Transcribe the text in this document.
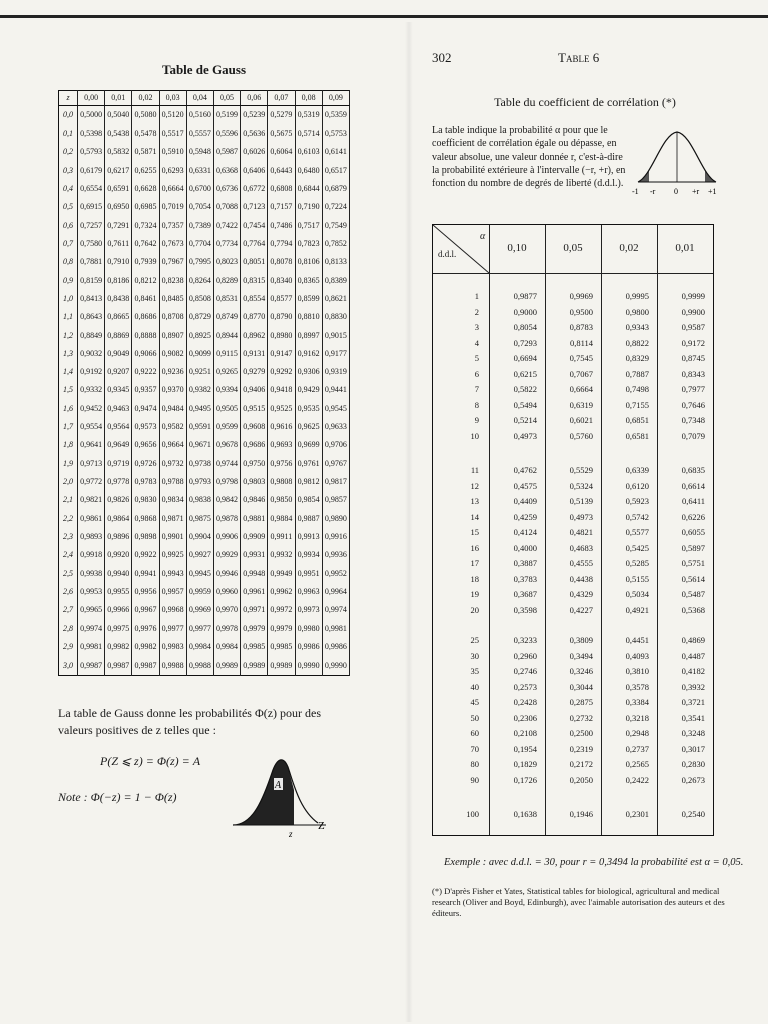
Table de Gauss
z	0,00	0,01	0,02	0,03	0,04	0,05	0,06	0,07	0,08	0,09
0,0	0,5000	0,5040	0,5080	0,5120	0,5160	0,5199	0,5239	0,5279	0,5319	0,5359
0,1	0,5398	0,5438	0,5478	0,5517	0,5557	0,5596	0,5636	0,5675	0,5714	0,5753
0,2	0,5793	0,5832	0,5871	0,5910	0,5948	0,5987	0,6026	0,6064	0,6103	0,6141
0,3	0,6179	0,6217	0,6255	0,6293	0,6331	0,6368	0,6406	0,6443	0,6480	0,6517
0,4	0,6554	0,6591	0,6628	0,6664	0,6700	0,6736	0,6772	0,6808	0,6844	0,6879
0,5	0,6915	0,6950	0,6985	0,7019	0,7054	0,7088	0,7123	0,7157	0,7190	0,7224
0,6	0,7257	0,7291	0,7324	0,7357	0,7389	0,7422	0,7454	0,7486	0,7517	0,7549
0,7	0,7580	0,7611	0,7642	0,7673	0,7704	0,7734	0,7764	0,7794	0,7823	0,7852
0,8	0,7881	0,7910	0,7939	0,7967	0,7995	0,8023	0,8051	0,8078	0,8106	0,8133
0,9	0,8159	0,8186	0,8212	0,8238	0,8264	0,8289	0,8315	0,8340	0,8365	0,8389
1,0	0,8413	0,8438	0,8461	0,8485	0,8508	0,8531	0,8554	0,8577	0,8599	0,8621
1,1	0,8643	0,8665	0,8686	0,8708	0,8729	0,8749	0,8770	0,8790	0,8810	0,8830
1,2	0,8849	0,8869	0,8888	0,8907	0,8925	0,8944	0,8962	0,8980	0,8997	0,9015
1,3	0,9032	0,9049	0,9066	0,9082	0,9099	0,9115	0,9131	0,9147	0,9162	0,9177
1,4	0,9192	0,9207	0,9222	0,9236	0,9251	0,9265	0,9279	0,9292	0,9306	0,9319
1,5	0,9332	0,9345	0,9357	0,9370	0,9382	0,9394	0,9406	0,9418	0,9429	0,9441
1,6	0,9452	0,9463	0,9474	0,9484	0,9495	0,9505	0,9515	0,9525	0,9535	0,9545
1,7	0,9554	0,9564	0,9573	0,9582	0,9591	0,9599	0,9608	0,9616	0,9625	0,9633
1,8	0,9641	0,9649	0,9656	0,9664	0,9671	0,9678	0,9686	0,9693	0,9699	0,9706
1,9	0,9713	0,9719	0,9726	0,9732	0,9738	0,9744	0,9750	0,9756	0,9761	0,9767
2,0	0,9772	0,9778	0,9783	0,9788	0,9793	0,9798	0,9803	0,9808	0,9812	0,9817
2,1	0,9821	0,9826	0,9830	0,9834	0,9838	0,9842	0,9846	0,9850	0,9854	0,9857
2,2	0,9861	0,9864	0,9868	0,9871	0,9875	0,9878	0,9881	0,9884	0,9887	0,9890
2,3	0,9893	0,9896	0,9898	0,9901	0,9904	0,9906	0,9909	0,9911	0,9913	0,9916
2,4	0,9918	0,9920	0,9922	0,9925	0,9927	0,9929	0,9931	0,9932	0,9934	0,9936
2,5	0,9938	0,9940	0,9941	0,9943	0,9945	0,9946	0,9948	0,9949	0,9951	0,9952
2,6	0,9953	0,9955	0,9956	0,9957	0,9959	0,9960	0,9961	0,9962	0,9963	0,9964
2,7	0,9965	0,9966	0,9967	0,9968	0,9969	0,9970	0,9971	0,9972	0,9973	0,9974
2,8	0,9974	0,9975	0,9976	0,9977	0,9977	0,9978	0,9979	0,9979	0,9980	0,9981
2,9	0,9981	0,9982	0,9982	0,9983	0,9984	0,9984	0,9985	0,9985	0,9986	0,9986
3,0	0,9987	0,9987	0,9987	0,9988	0,9988	0,9989	0,9989	0,9989	0,9990	0,9990
La table de Gauss donne les probabilités Φ(z) pour des valeurs positives de z telles que :
P(Z ⩽ z) = Φ(z) = A
Note : Φ(−z) = 1 − Φ(z)
A
z
Z
302	Table 6
Table du coefficient de corrélation (*)
La table indique la probabilité α pour que le coefficient de corrélation égale ou dépasse, en valeur absolue, une valeur donnée r, c'est-à-dire la probabilité extérieure à l'intervalle (−r, +r), en fonction du nombre de degrés de liberté (d.d.l.).
-1 -r 0 +r +1
α
d.d.l.	0,10	0,05	0,02	0,01
1	0,9877	0,9969	0,9995	0,9999
2	0,9000	0,9500	0,9800	0,9900
3	0,8054	0,8783	0,9343	0,9587
4	0,7293	0,8114	0,8822	0,9172
5	0,6694	0,7545	0,8329	0,8745
6	0,6215	0,7067	0,7887	0,8343
7	0,5822	0,6664	0,7498	0,7977
8	0,5494	0,6319	0,7155	0,7646
9	0,5214	0,6021	0,6851	0,7348
10	0,4973	0,5760	0,6581	0,7079
11	0,4762	0,5529	0,6339	0,6835
12	0,4575	0,5324	0,6120	0,6614
13	0,4409	0,5139	0,5923	0,6411
14	0,4259	0,4973	0,5742	0,6226
15	0,4124	0,4821	0,5577	0,6055
16	0,4000	0,4683	0,5425	0,5897
17	0,3887	0,4555	0,5285	0,5751
18	0,3783	0,4438	0,5155	0,5614
19	0,3687	0,4329	0,5034	0,5487
20	0,3598	0,4227	0,4921	0,5368
25	0,3233	0,3809	0,4451	0,4869
30	0,2960	0,3494	0,4093	0,4487
35	0,2746	0,3246	0,3810	0,4182
40	0,2573	0,3044	0,3578	0,3932
45	0,2428	0,2875	0,3384	0,3721
50	0,2306	0,2732	0,3218	0,3541
60	0,2108	0,2500	0,2948	0,3248
70	0,1954	0,2319	0,2737	0,3017
80	0,1829	0,2172	0,2565	0,2830
90	0,1726	0,2050	0,2422	0,2673
100	0,1638	0,1946	0,2301	0,2540
Exemple : avec d.d.l. = 30, pour r = 0,3494 la probabilité est α = 0,05.
(*) D'après Fisher et Yates, Statistical tables for biological, agricultural and medical research (Oliver and Boyd, Edinburgh), avec l'aimable autorisation des auteurs et des éditeurs.
